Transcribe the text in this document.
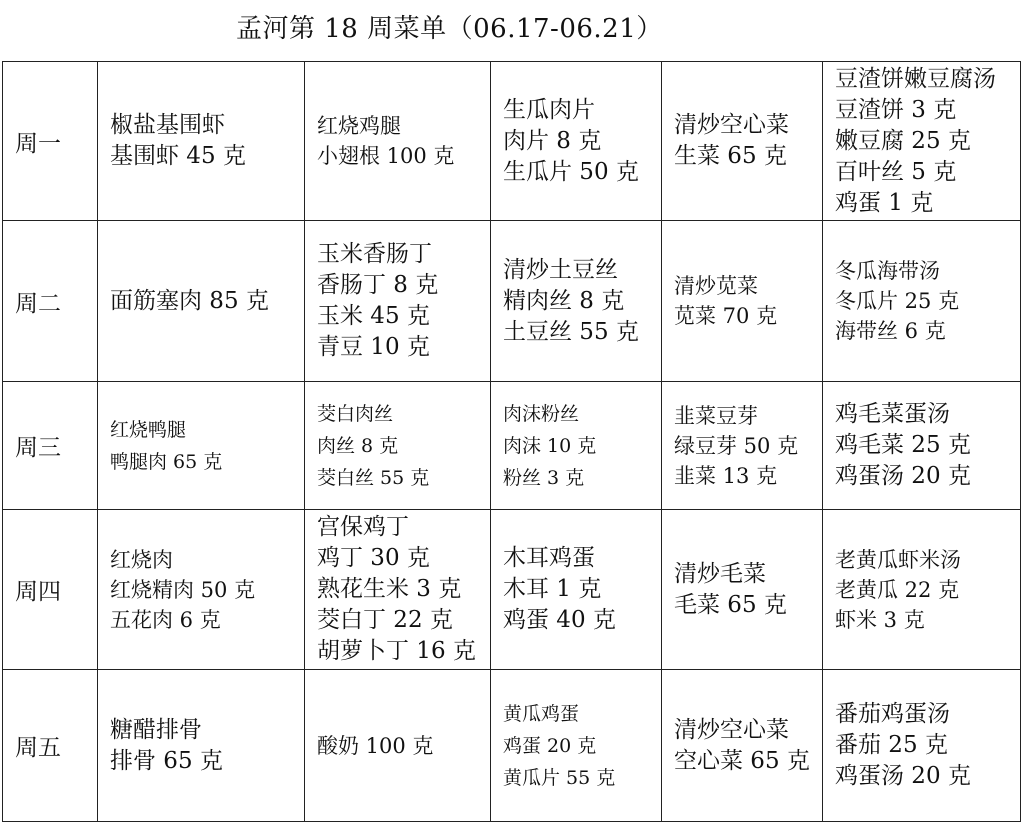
孟河第 18 周菜单（06.17-06.21）
周一	椒盐基围虾
基围虾 45 克	红烧鸡腿
小翅根 100 克	生瓜肉片
肉片 8 克
生瓜片 50 克	清炒空心菜
生菜 65 克	豆渣饼嫩豆腐汤
豆渣饼 3 克
嫩豆腐 25 克
百叶丝 5 克
鸡蛋 1 克

周二	面筋塞肉 85 克	玉米香肠丁
香肠丁 8 克
玉米 45 克
青豆 10 克	清炒土豆丝
精肉丝 8 克
土豆丝 55 克	清炒苋菜
苋菜 70 克	冬瓜海带汤
冬瓜片 25 克
海带丝 6 克

周三	红烧鸭腿
鸭腿肉 65 克	茭白肉丝
肉丝 8 克
茭白丝 55 克	肉沫粉丝
肉沫 10 克
粉丝 3 克	韭菜豆芽
绿豆芽 50 克
韭菜 13 克	鸡毛菜蛋汤
鸡毛菜 25 克
鸡蛋汤 20 克

周四	红烧肉
红烧精肉 50 克
五花肉 6 克	宫保鸡丁
鸡丁 30 克
熟花生米 3 克
茭白丁 22 克
胡萝卜丁 16 克	木耳鸡蛋
木耳 1 克
鸡蛋 40 克	清炒毛菜
毛菜 65 克	老黄瓜虾米汤
老黄瓜 22 克
虾米 3 克

周五	糖醋排骨
排骨 65 克	酸奶 100 克	黄瓜鸡蛋
鸡蛋 20 克
黄瓜片 55 克	清炒空心菜
空心菜 65 克	番茄鸡蛋汤
番茄 25 克
鸡蛋汤 20 克
